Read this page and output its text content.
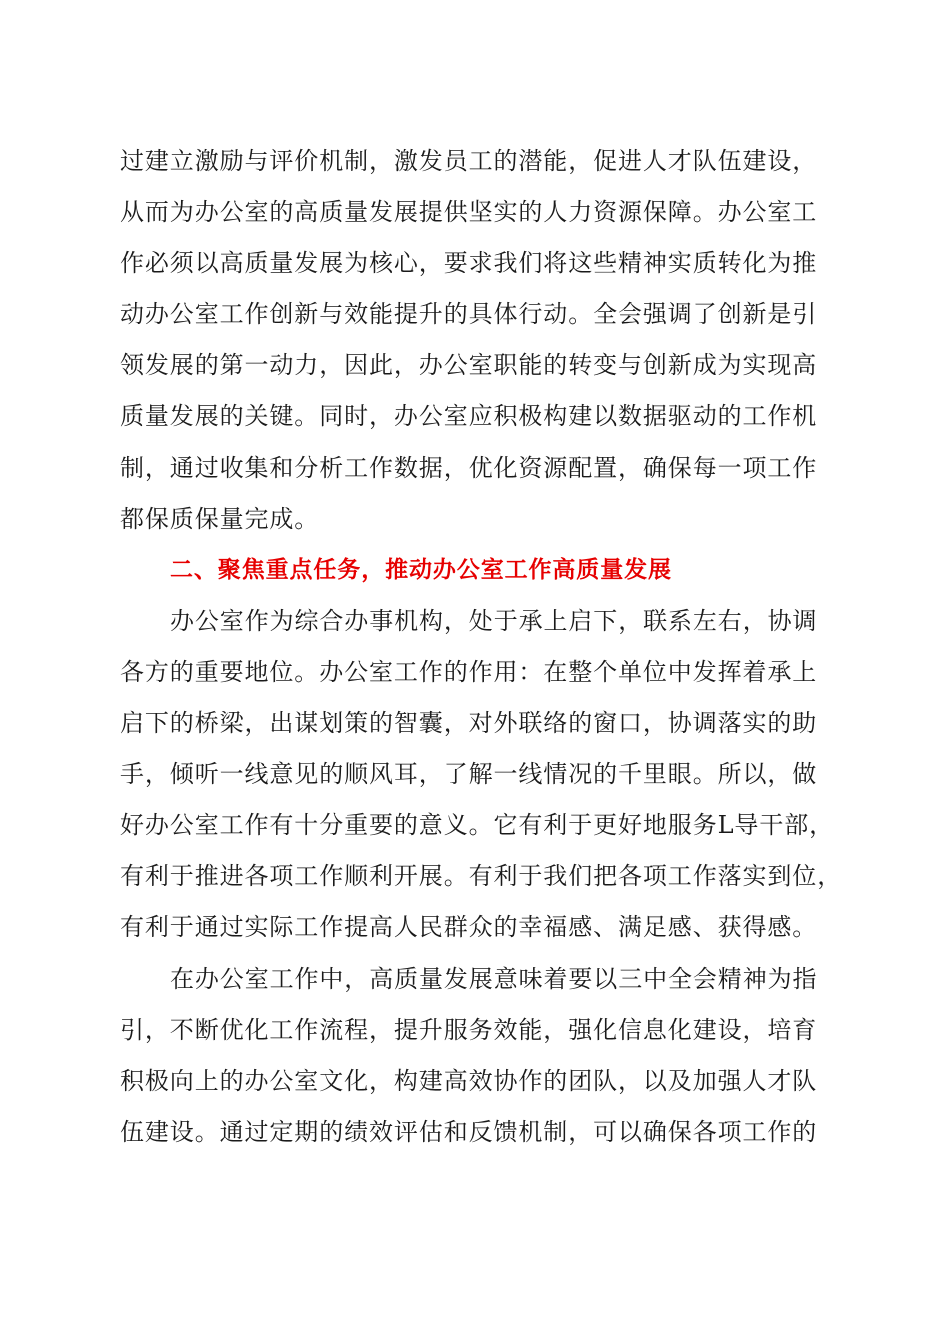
过建立激励与评价机制，激发员工的潜能，促进人才队伍建设，
从而为办公室的高质量发展提供坚实的人力资源保障。办公室工
作必须以高质量发展为核心，要求我们将这些精神实质转化为推
动办公室工作创新与效能提升的具体行动。全会强调了创新是引
领发展的第一动力，因此，办公室职能的转变与创新成为实现高
质量发展的关键。同时，办公室应积极构建以数据驱动的工作机
制，通过收集和分析工作数据，优化资源配置，确保每一项工作
都保质保量完成。

二、聚焦重点任务，推动办公室工作高质量发展

办公室作为综合办事机构，处于承上启下，联系左右，协调
各方的重要地位。办公室工作的作用：在整个单位中发挥着承上
启下的桥梁，出谋划策的智囊，对外联络的窗口，协调落实的助
手，倾听一线意见的顺风耳，了解一线情况的千里眼。所以，做
好办公室工作有十分重要的意义。它有利于更好地服务L导干部，
有利于推进各项工作顺利开展。有利于我们把各项工作落实到位，
有利于通过实际工作提高人民群众的幸福感、满足感、获得感。

在办公室工作中，高质量发展意味着要以三中全会精神为指
引，不断优化工作流程，提升服务效能，强化信息化建设，培育
积极向上的办公室文化，构建高效协作的团队，以及加强人才队
伍建设。通过定期的绩效评估和反馈机制，可以确保各项工作的
